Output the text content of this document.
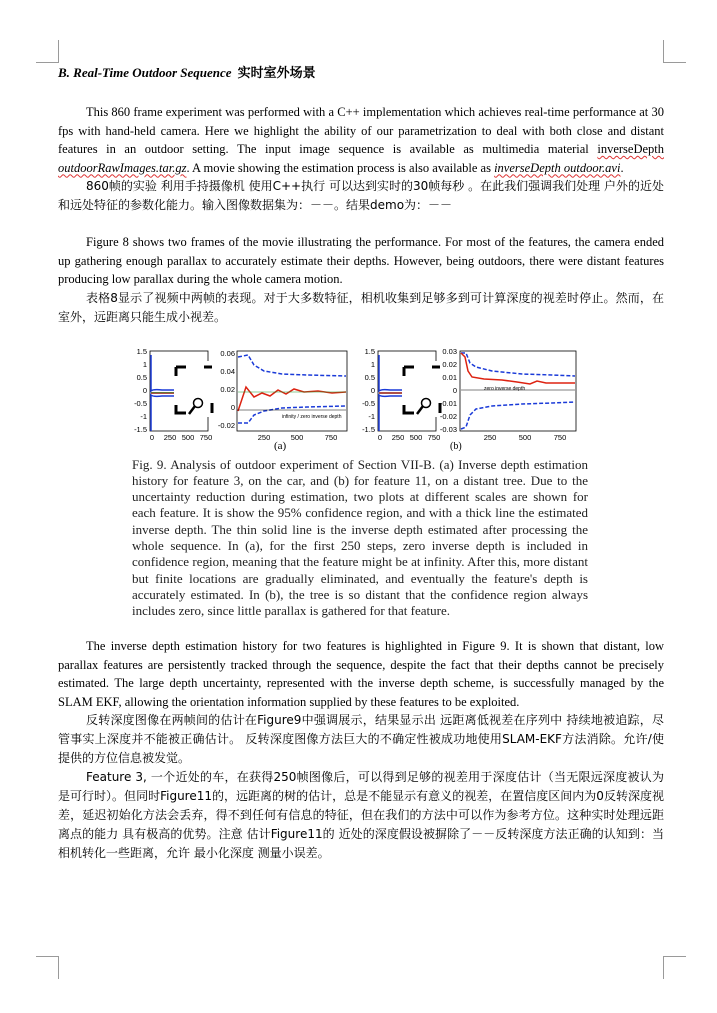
B. Real-Time Outdoor Sequence 实时室外场景

This 860 frame experiment was performed with a C++ implementation which achieves real-time performance at 30 fps with hand-held camera. Here we highlight the ability of our parametrization to deal with both close and distant features in an outdoor setting. The input image sequence is available as multimedia material inverseDepth outdoorRawImages.tar.gz. A movie showing the estimation process is also available as inverseDepth outdoor.avi.

860帧的实验 利用手持摄像机 使用C++执行 可以达到实时的30帧每秒 。在此我们强调我们处理 户外的近处和远处特征的参数化能力。输入图像数据集为：－－。结果demo为：－－

Figure 8 shows two frames of the movie illustrating the performance. For most of the features, the camera ended up gathering enough parallax to accurately estimate their depths. However, being outdoors, there were distant features producing low parallax during the whole camera motion.

表格8显示了视频中两帧的表现。对于大多数特征，相机收集到足够多到可计算深度的视差时停止。然而，在室外，远距离只能生成小视差。

1.5
1
0.5
0
-0.5
-1
-1.5
0 250 500 750
0.06
0.04
0.02
0
-0.02
250	500	750
infinity / zero inverse depth
(a)
1.5
1
0.5
0
-0.5
-1
-1.5
0 250 500 750
0.03
0.02
0.01
0
-0.01
-0.02
-0.03
250	500	750
zero inverse depth
(b)
Fig. 9. Analysis of outdoor experiment of Section VII-B. (a) Inverse depth estimation history for feature 3, on the car, and (b) for feature 11, on a distant tree. Due to the uncertainty reduction during estimation, two plots at different scales are shown for each feature. It is show the 95% confidence region, and with a thick line the estimated inverse depth. The thin solid line is the inverse depth estimated after processing the whole sequence. In (a), for the first 250 steps, zero inverse depth is included in confidence region, meaning that the feature might be at infinity. After this, more distant but finite locations are gradually eliminated, and eventually the feature's depth is accurately estimated. In (b), the tree is so distant that the confidence region always includes zero, since little parallax is gathered for that feature.

The inverse depth estimation history for two features is highlighted in Figure 9. It is shown that distant, low parallax features are persistently tracked through the sequence, despite the fact that their depths cannot be precisely estimated. The large depth uncertainty, represented with the inverse depth scheme, is successfully managed by the SLAM EKF, allowing the orientation information supplied by these features to be exploited.

反转深度图像在两帧间的估计在Figure9中强调展示，结果显示出 远距离低视差在序列中 持续地被追踪，尽管事实上深度并不能被正确估计。 反转深度图像方法巨大的不确定性被成功地使用SLAM-EKF方法消除。允许/使提供的方位信息被发觉。

Feature 3, 一个近处的车，在获得250帧图像后，可以得到足够的视差用于深度估计（当无限远深度被认为是可行时）。但同时Figure11的，远距离的树的估计，总是不能显示有意义的视差，在置信度区间内为0反转深度视差，延迟初始化方法会丢弃，得不到任何有信息的特征，但在我们的方法中可以作为参考方位。这种实时处理远距离点的能力 具有极高的优势。注意 估计Figure11的 近处的深度假设被摒除了－－反转深度方法正确的认知到：当相机转化一些距离，允许 最小化深度 测量小误差。
